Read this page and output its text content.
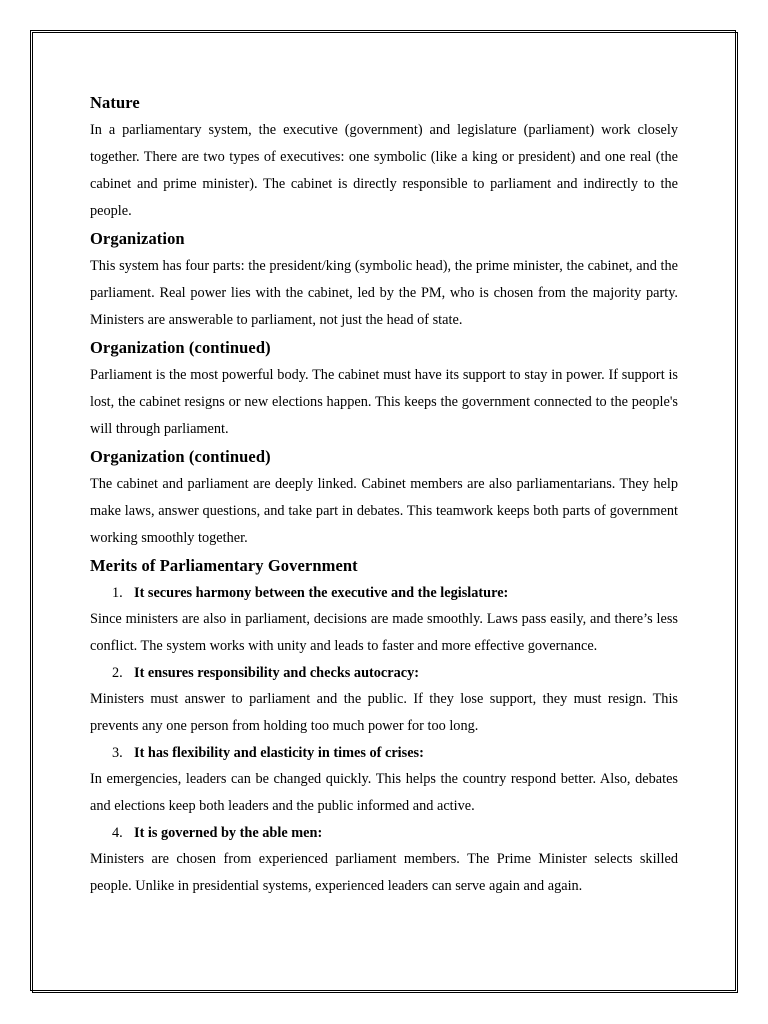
Nature

In a parliamentary system, the executive (government) and legislature (parliament) work closely together. There are two types of executives: one symbolic (like a king or president) and one real (the cabinet and prime minister). The cabinet is directly responsible to parliament and indirectly to the people.

Organization

This system has four parts: the president/king (symbolic head), the prime minister, the cabinet, and the parliament. Real power lies with the cabinet, led by the PM, who is chosen from the majority party. Ministers are answerable to parliament, not just the head of state.

Organization (continued)

Parliament is the most powerful body. The cabinet must have its support to stay in power. If support is lost, the cabinet resigns or new elections happen. This keeps the government connected to the people's will through parliament.

Organization (continued)

The cabinet and parliament are deeply linked. Cabinet members are also parliamentarians. They help make laws, answer questions, and take part in debates. This teamwork keeps both parts of government working smoothly together.

Merits of Parliamentary Government
1. It secures harmony between the executive and the legislature:

Since ministers are also in parliament, decisions are made smoothly. Laws pass easily, and there’s less conflict. The system works with unity and leads to faster and more effective governance.

2. It ensures responsibility and checks autocracy:

Ministers must answer to parliament and the public. If they lose support, they must resign. This prevents any one person from holding too much power for too long.

3. It has flexibility and elasticity in times of crises:

In emergencies, leaders can be changed quickly. This helps the country respond better. Also, debates and elections keep both leaders and the public informed and active.

4. It is governed by the able men:

Ministers are chosen from experienced parliament members. The Prime Minister selects skilled people. Unlike in presidential systems, experienced leaders can serve again and again.
